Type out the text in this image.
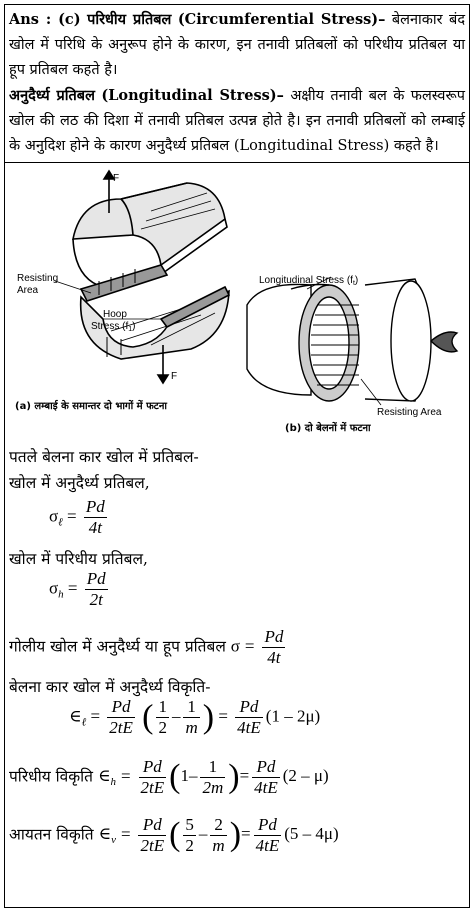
Ans : (c) परिधीय प्रतिबल (Circumferential Stress)– बेलनाकार बंद खोल में परिधि के अनुरूप होने के कारण, इन तनावी प्रतिबलों को परिधीय प्रतिबल या हूप प्रतिबल कहते है।
अनुदैर्ध्य प्रतिबल (Longitudinal Stress)– अक्षीय तनावी बल के फलस्वरूप खोल की लठ की दिशा में तनावी प्रतिबल उत्पन्न होते है। इन तनावी प्रतिबलों को लम्बाई के अनुदिश होने के कारण अनुदैर्ध्य प्रतिबल (Longitudinal Stress) कहते है।
F
F
Resisting
Area
Hoop
Stress $(f_1)$
(a) लम्बाई के समान्तर दो भागों में फटना
Longitudinal Stress $(f_t)$
Resisting Area
(b) दो बेलनों में फटना
पतले बेलना कार खोल में प्रतिबल-
खोल में अनुदैर्ध्य प्रतिबल,
$\sigma_\ell = \frac{Pd}{4t}$
खोल में परिधीय प्रतिबल,
$\sigma_h = \frac{Pd}{2t}$
गोलीय खोल में अनुदैर्ध्य या हूप प्रतिबल $\sigma = \frac{Pd}{4t}$
बेलना कार खोल में अनुदैर्ध्य विकृति-
$\in_\ell = \frac{Pd}{2tE}$ ( $\frac{1}{2} - \frac{1}{m}$ ) = $\frac{Pd}{4tE} (1 - 2\mu)$
परिधीय विकृति $\in_h = \frac{Pd}{2tE} (1- \frac{1}{2m}$ )= $\frac{Pd}{4tE} (2 - \mu)$
आयतन विकृति $\in_v = \frac{Pd}{2tE}$ ( $\frac{5}{2} - \frac{2}{m}$ )= $\frac{Pd}{4tE} (5 - 4\mu)$
